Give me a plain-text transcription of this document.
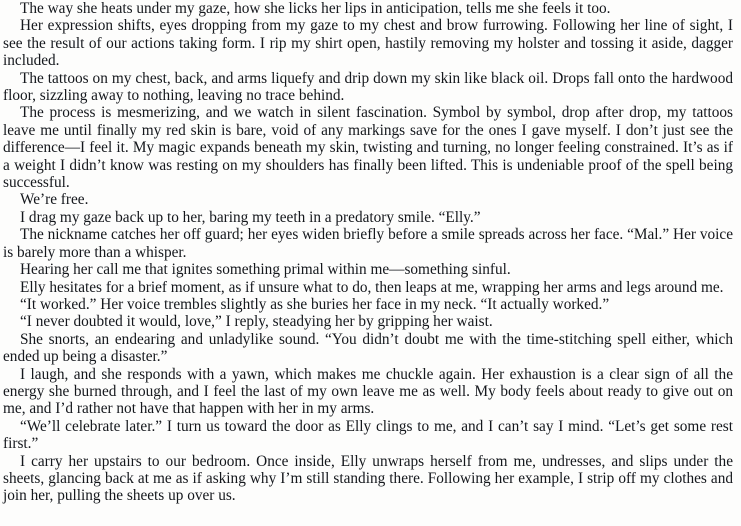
The way she heats under my gaze, how she licks her lips in anticipation, tells me she feels it too.

Her expression shifts, eyes dropping from my gaze to my chest and brow furrowing. Following her line of sight, I see the result of our actions taking form. I rip my shirt open, hastily removing my holster and tossing it aside, dagger included.

The tattoos on my chest, back, and arms liquefy and drip down my skin like black oil. Drops fall onto the hardwood floor, sizzling away to nothing, leaving no trace behind.

The process is mesmerizing, and we watch in silent fascination. Symbol by symbol, drop after drop, my tattoos leave me until finally my red skin is bare, void of any markings save for the ones I gave myself. I don’t just see the difference—I feel it. My magic expands beneath my skin, twisting and turning, no longer feeling constrained. It’s as if a weight I didn’t know was resting on my shoulders has finally been lifted. This is undeniable proof of the spell being successful.

We’re free.

I drag my gaze back up to her, baring my teeth in a predatory smile. “Elly.”

The nickname catches her off guard; her eyes widen briefly before a smile spreads across her face. “Mal.” Her voice is barely more than a whisper.

Hearing her call me that ignites something primal within me—something sinful.

Elly hesitates for a brief moment, as if unsure what to do, then leaps at me, wrapping her arms and legs around me.

“It worked.” Her voice trembles slightly as she buries her face in my neck. “It actually worked.”

“I never doubted it would, love,” I reply, steadying her by gripping her waist.

She snorts, an endearing and unladylike sound. “You didn’t doubt me with the time-stitching spell either, which ended up being a disaster.”

I laugh, and she responds with a yawn, which makes me chuckle again. Her exhaustion is a clear sign of all the energy she burned through, and I feel the last of my own leave me as well. My body feels about ready to give out on me, and I’d rather not have that happen with her in my arms.

“We’ll celebrate later.” I turn us toward the door as Elly clings to me, and I can’t say I mind. “Let’s get some rest first.”

I carry her upstairs to our bedroom. Once inside, Elly unwraps herself from me, undresses, and slips under the sheets, glancing back at me as if asking why I’m still standing there. Following her example, I strip off my clothes and join her, pulling the sheets up over us.
